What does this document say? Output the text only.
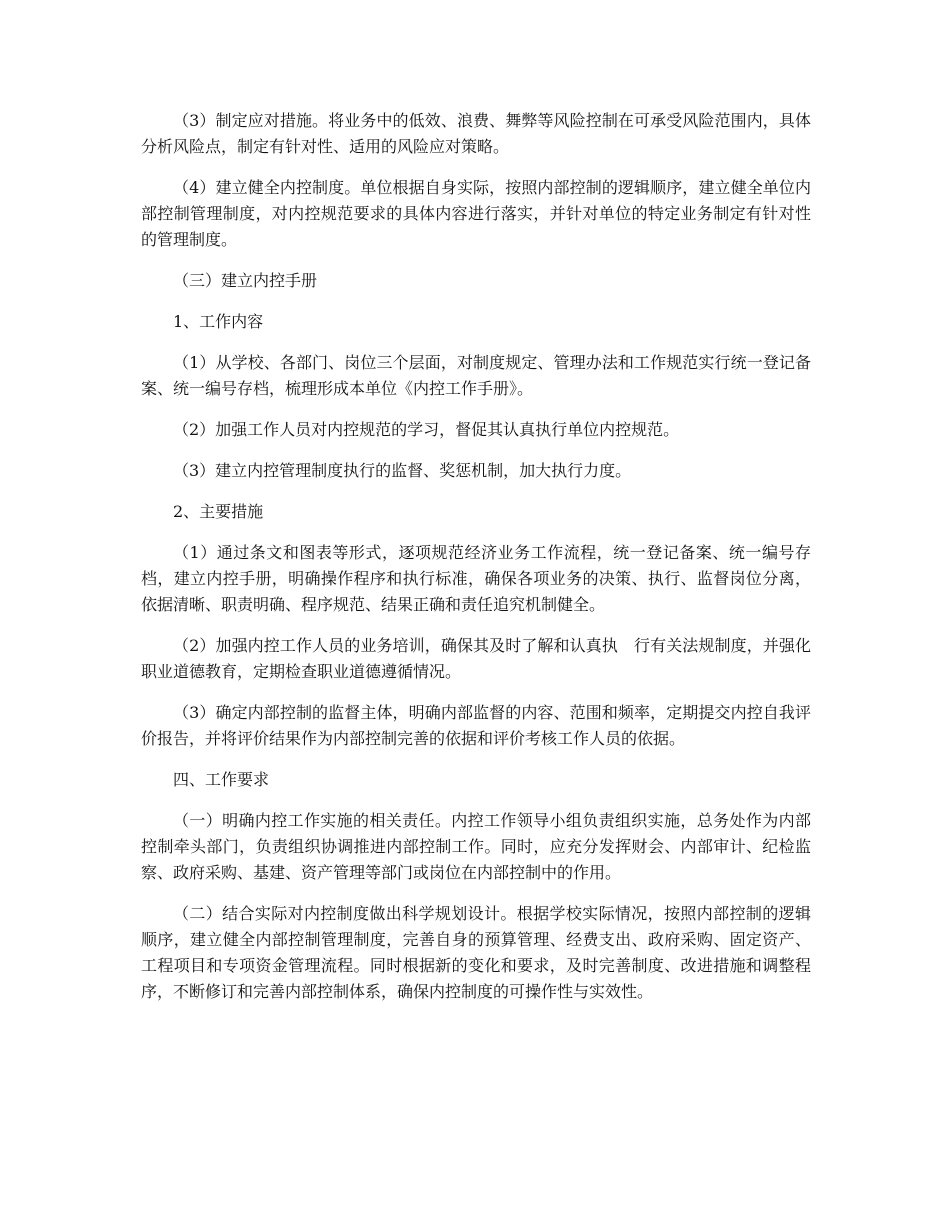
（3）制定应对措施。将业务中的低效、浪费、舞弊等风险控制在可承受风险范围内，具体分析风险点，制定有针对性、适用的风险应对策略。

（4）建立健全内控制度。单位根据自身实际，按照内部控制的逻辑顺序，建立健全单位内部控制管理制度，对内控规范要求的具体内容进行落实，并针对单位的特定业务制定有针对性的管理制度。

（三）建立内控手册

1、工作内容

（1）从学校、各部门、岗位三个层面，对制度规定、管理办法和工作规范实行统一登记备案、统一编号存档，梳理形成本单位《内控工作手册》。

（2）加强工作人员对内控规范的学习，督促其认真执行单位内控规范。

（3）建立内控管理制度执行的监督、奖惩机制，加大执行力度。

2、主要措施

（1）通过条文和图表等形式，逐项规范经济业务工作流程，统一登记备案、统一编号存档，建立内控手册，明确操作程序和执行标准，确保各项业务的决策、执行、监督岗位分离，依据清晰、职责明确、程序规范、结果正确和责任追究机制健全。

（2）加强内控工作人员的业务培训，确保其及时了解和认真执　行有关法规制度，并强化职业道德教育，定期检查职业道德遵循情况。

（3）确定内部控制的监督主体，明确内部监督的内容、范围和频率，定期提交内控自我评价报告，并将评价结果作为内部控制完善的依据和评价考核工作人员的依据。

四、工作要求

（一）明确内控工作实施的相关责任。内控工作领导小组负责组织实施，总务处作为内部控制牵头部门，负责组织协调推进内部控制工作。同时，应充分发挥财会、内部审计、纪检监察、政府采购、基建、资产管理等部门或岗位在内部控制中的作用。

（二）结合实际对内控制度做出科学规划设计。根据学校实际情况，按照内部控制的逻辑顺序，建立健全内部控制管理制度，完善自身的预算管理、经费支出、政府采购、固定资产、工程项目和专项资金管理流程。同时根据新的变化和要求，及时完善制度、改进措施和调整程序，不断修订和完善内部控制体系，确保内控制度的可操作性与实效性。
